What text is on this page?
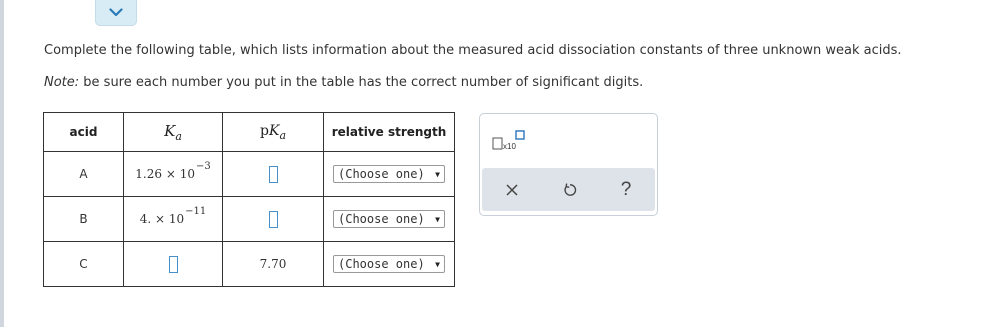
Complete the following table, which lists information about the measured acid dissociation constants of three unknown weak acids.
Note: be sure each number you put in the table has the correct number of significant digits.
acid	$K_a$	$pK_a$	relative strength
A	$1.26 \times 10^{-3}$		(Choose one) ▼

B	4. × $10^{-11}$		(Choose one) ▼

C		7.70	(Choose one) ▼
x10
?
